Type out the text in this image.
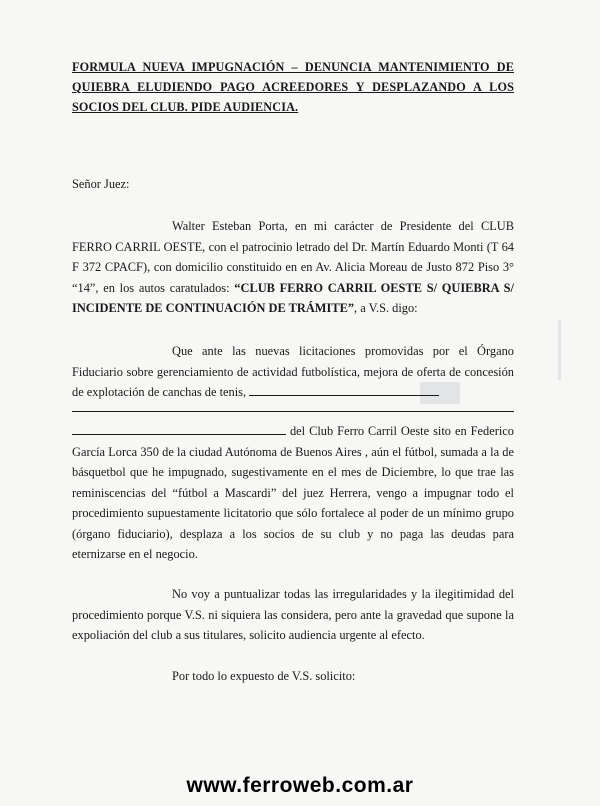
FORMULA NUEVA IMPUGNACIÓN – DENUNCIA MANTENIMIENTO DE QUIEBRA ELUDIENDO PAGO ACREEDORES Y DESPLAZANDO A LOS SOCIOS DEL CLUB. PIDE AUDIENCIA.
Señor Juez:

Walter Esteban Porta, en mi carácter de Presidente del CLUB FERRO CARRIL OESTE, con el patrocinio letrado del Dr. Martín Eduardo Monti (T 64 F 372 CPACF), con domicilio constituido en en Av. Alicia Moreau de Justo 872 Piso 3° “14”, en los autos caratulados: “CLUB FERRO CARRIL OESTE S/ QUIEBRA S/ INCIDENTE DE CONTINUACIÓN DE TRÁMITE”, a V.S. digo:

Que ante las nuevas licitaciones promovidas por el Órgano Fiduciario sobre gerenciamiento de actividad futbolística, mejora de oferta de concesión de explotación de canchas de tenis,

del Club Ferro Carril Oeste sito en Federico García Lorca 350 de la ciudad Autónoma de Buenos Aires , aún el fútbol, sumada a la de básquetbol que he impugnado, sugestivamente en el mes de Diciembre, lo que trae las reminiscencias del “fútbol a Mascardi” del juez Herrera, vengo a impugnar todo el procedimiento supuestamente licitatorio que sólo fortalece al poder de un mínimo grupo (órgano fiduciario), desplaza a los socios de su club y no paga las deudas para eternizarse en el negocio.

No voy a puntualizar todas las irregularidades y la ilegitimidad del procedimiento porque V.S. ni siquiera las considera, pero ante la gravedad que supone la expoliación del club a sus titulares, solicito audiencia urgente al efecto.

Por todo lo expuesto de V.S. solicito:

www.ferroweb.com.ar
